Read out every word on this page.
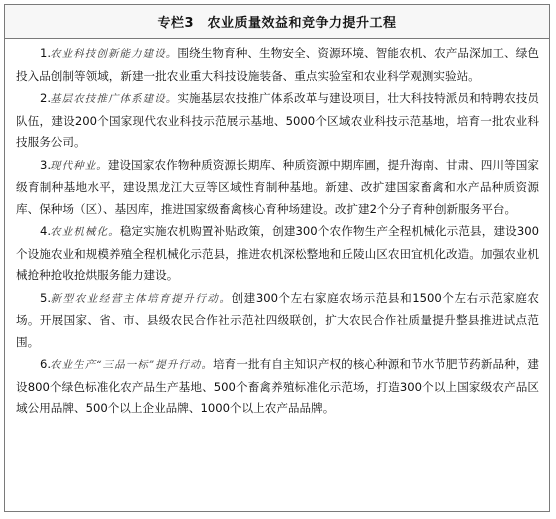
专栏3　农业质量效益和竞争力提升工程

1.农业科技创新能力建设。围绕生物育种、生物安全、资源环境、智能农机、农产品深加工、绿色投入品创制等领域，新建一批农业重大科技设施装备、重点实验室和农业科学观测实验站。

2.基层农技推广体系建设。实施基层农技推广体系改革与建设项目，壮大科技特派员和特聘农技员队伍，建设200个国家现代农业科技示范展示基地、5000个区域农业科技示范基地，培育一批农业科技服务公司。

3.现代种业。建设国家农作物种质资源长期库、种质资源中期库圃，提升海南、甘肃、四川等国家级育制种基地水平，建设黑龙江大豆等区域性育制种基地。新建、改扩建国家畜禽和水产品种质资源库、保种场（区）、基因库，推进国家级畜禽核心育种场建设。改扩建2个分子育种创新服务平台。

4.农业机械化。稳定实施农机购置补贴政策，创建300个农作物生产全程机械化示范县，建设300个设施农业和规模养殖全程机械化示范县，推进农机深松整地和丘陵山区农田宜机化改造。加强农业机械抢种抢收抢烘服务能力建设。

5.新型农业经营主体培育提升行动。创建300个左右家庭农场示范县和1500个左右示范家庭农场。开展国家、省、市、县级农民合作社示范社四级联创，扩大农民合作社质量提升整县推进试点范围。

6.农业生产“三品一标”提升行动。培育一批有自主知识产权的核心种源和节水节肥节药新品种，建设800个绿色标准化农产品生产基地、500个畜禽养殖标准化示范场，打造300个以上国家级农产品区域公用品牌、500个以上企业品牌、1000个以上农产品品牌。
